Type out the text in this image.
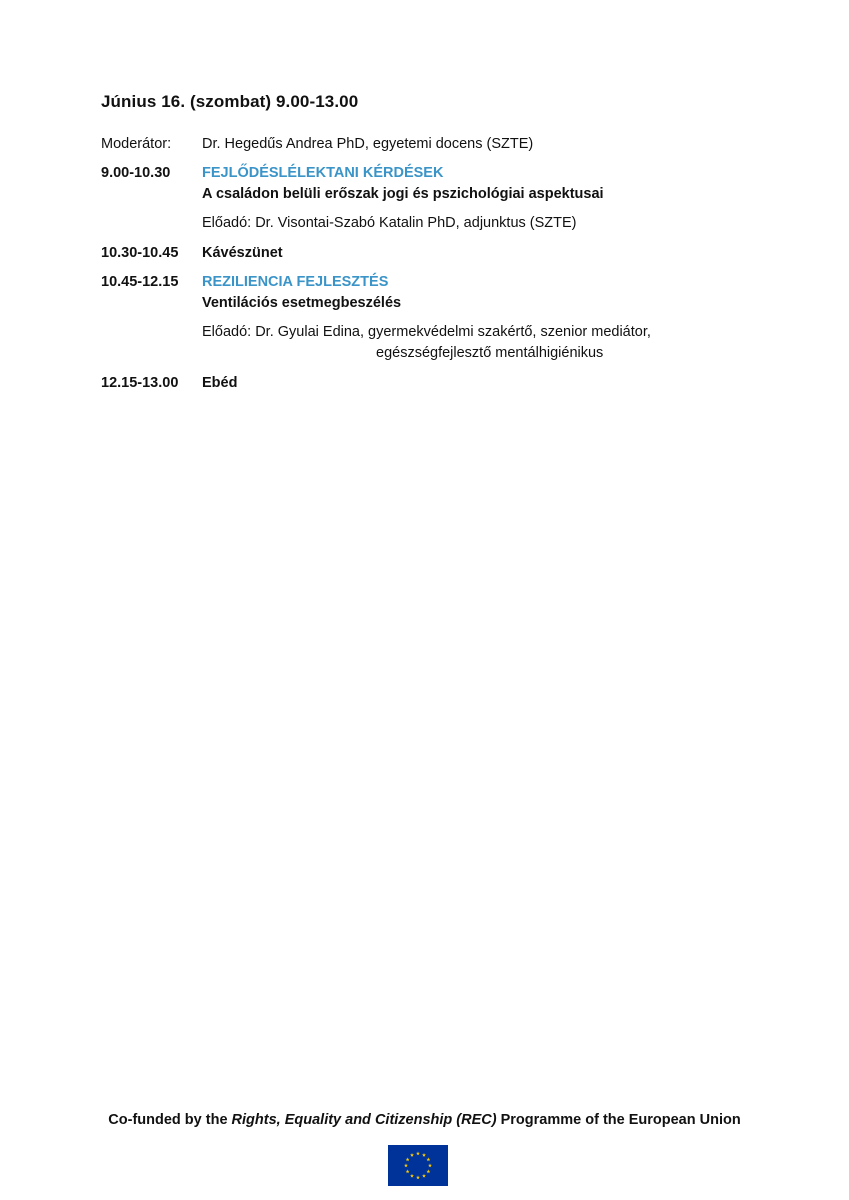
Június 16. (szombat) 9.00-13.00
Moderátor: Dr. Hegedűs Andrea PhD, egyetemi docens (SZTE)
9.00-10.30 FEJLŐDÉSLÉLEKTANI KÉRDÉSEK
A családon belüli erőszak jogi és pszichológiai aspektusai
Előadó: Dr. Visontai-Szabó Katalin PhD, adjunktus (SZTE)
10.30-10.45 Kávészünet
10.45-12.15 REZILIENCIA FEJLESZTÉS
Ventilációs esetmegbeszélés
Előadó: Dr. Gyulai Edina, gyermekvédelmi szakértő, szenior mediátor,
egészségfejlesztő mentálhigiénikus
12.15-13.00 Ebéd
Co-funded by the Rights, Equality and Citizenship (REC) Programme of the European Union
